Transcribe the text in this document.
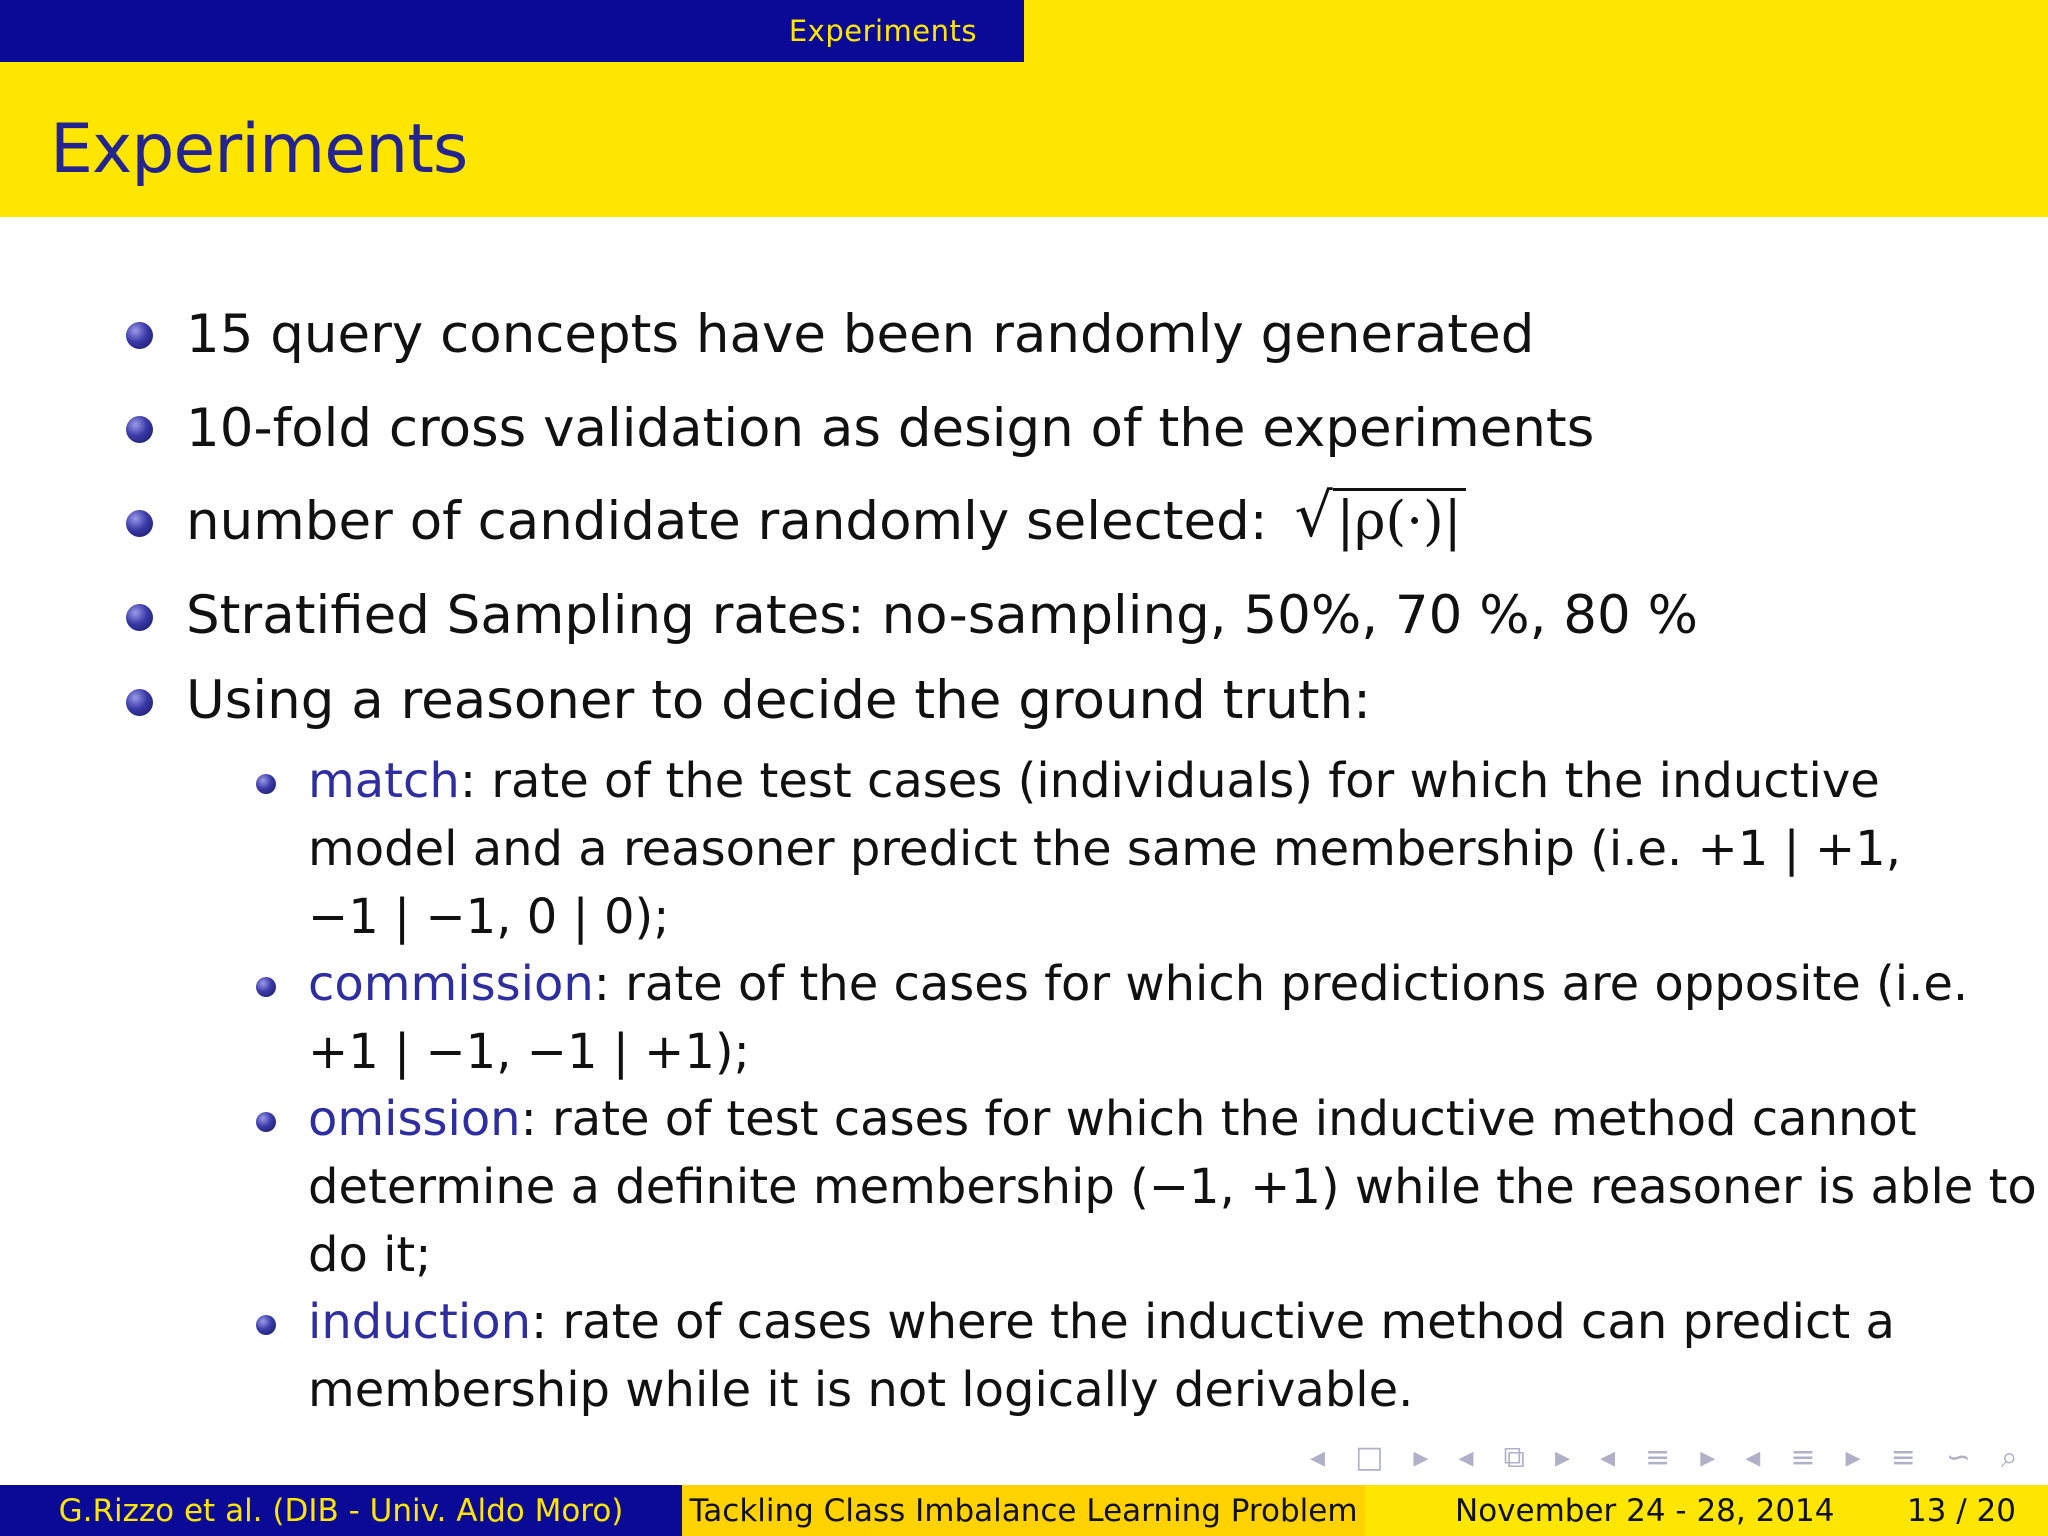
Experiments
Experiments
15 query concepts have been randomly generated
10-fold cross validation as design of the experiments
number of candidate randomly selected: √ |ρ(·)|
Stratified Sampling rates: no-sampling, 50%, 70 %, 80 %
Using a reasoner to decide the ground truth:
match: rate of the test cases (individuals) for which the inductive
model and a reasoner predict the same membership (i.e. +1 | +1,
−1 | −1, 0 | 0);
commission: rate of the cases for which predictions are opposite (i.e.
+1 | −1, −1 | +1);
omission: rate of test cases for which the inductive method cannot
determine a definite membership (−1, +1) while the reasoner is able to
do it;
induction: rate of cases where the inductive method can predict a
membership while it is not logically derivable.
◂ □ ▸ ◂ ⧉ ▸ ◂ ≡ ▸ ◂ ≡ ▸ ≡ ∽ ⌕
G.Rizzo et al. (DIB - Univ. Aldo Moro)	Tackling Class Imbalance Learning Problem	November 24 - 28, 2014 13 / 20
